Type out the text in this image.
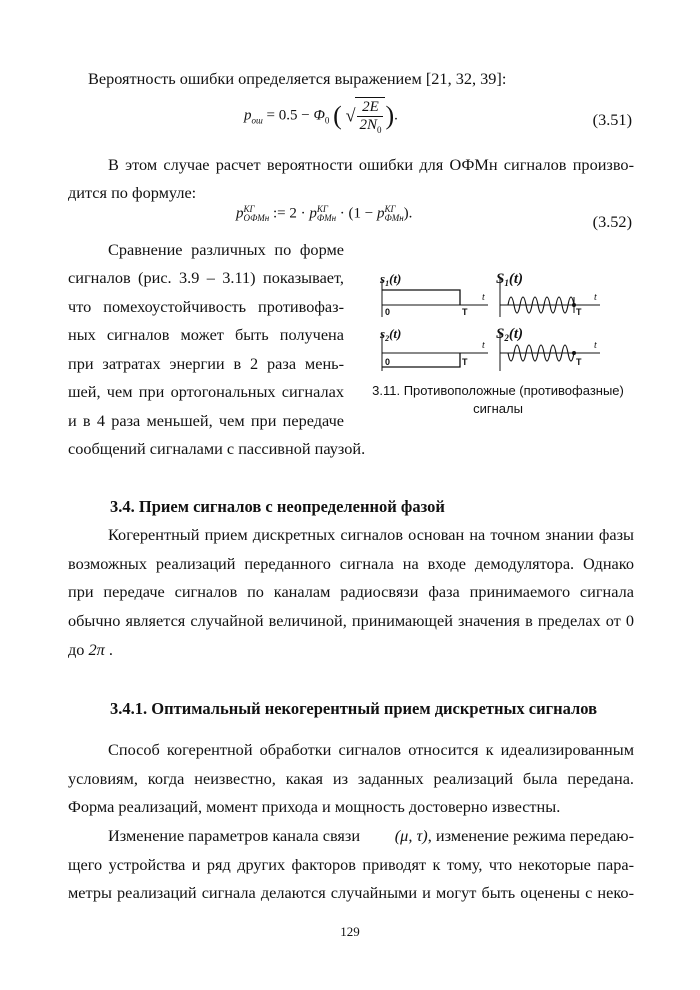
Вероятность ошибки определяется выражением [21, 32, 39]:
$p_{ош} = 0.5 - \Phi_0$ ( √ $\frac{2E}{2N_0}$ ).	(3.51)
В этом случае расчет вероятности ошибки для ОФМн сигналов произво-
дится по формуле:
p КГ
ОФМн := 2 · p КГ
ФМн · (1 − p КГ
ФМн ).	(3.52)
Сравнение различных по форме
сигналов (рис. 3.9 – 3.11) показывает,
что помехоустойчивость противофаз-
ных сигналов может быть получена
при затратах энергии в 2 раза мень-
шей, чем при ортогональных сигналах
и в 4 раза меньшей, чем при передаче
сообщений сигналами с пассивной паузой.
$s_1(t)$	$S_1(t)$
$s_2(t)$	$S_2(t)$
0	T	T
0	T	T
t	t
t	t
3.11. Противоположные (противофазные)
сигналы
3.4. Прием сигналов с неопределенной фазой
Когерентный прием дискретных сигналов основан на точном знании фазы
возможных реализаций переданного сигнала на входе демодулятора. Однако
при передаче сигналов по каналам радиосвязи фаза принимаемого сигнала
обычно является случайной величиной, принимающей значения в пределах от 0
до 2π .
3.4.1. Оптимальный некогерентный прием дискретных сигналов
Способ когерентной обработки сигналов относится к идеализированным
условиям, когда неизвестно, какая из заданных реализаций была передана.
Форма реализаций, момент прихода и мощность достоверно известны.
Изменение параметров канала связи (μ, τ) , изменение режима передаю-
щего устройства и ряд других факторов приводят к тому, что некоторые пара-
метры реализаций сигнала делаются случайными и могут быть оценены с неко-
129
